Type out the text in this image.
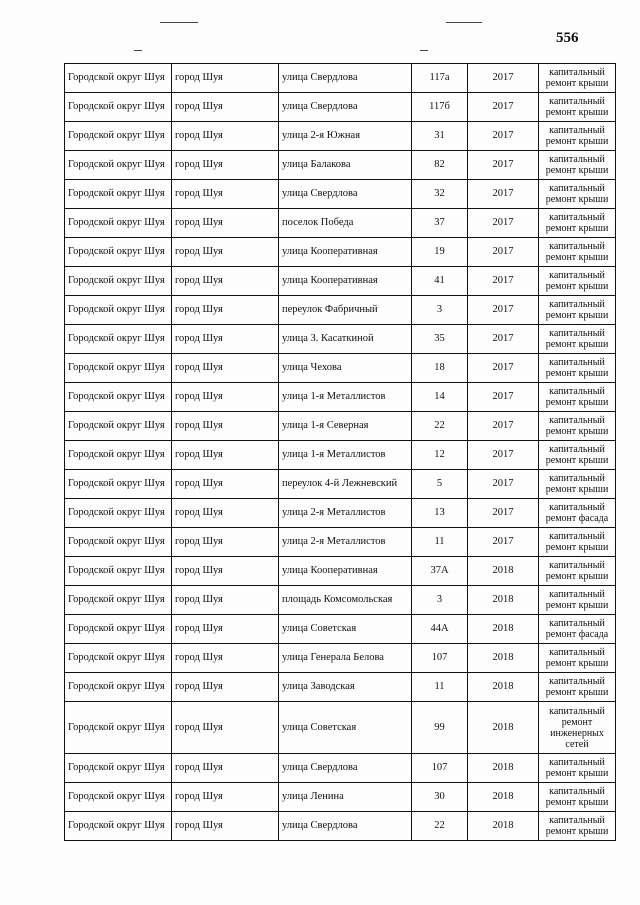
556
Городской округ Шуя	город Шуя	улица Свердлова	117а	2017	капитальный ремонт крыши
Городской округ Шуя	город Шуя	улица Свердлова	117б	2017	капитальный ремонт крыши
Городской округ Шуя	город Шуя	улица 2-я Южная	31	2017	капитальный ремонт крыши
Городской округ Шуя	город Шуя	улица Балакова	82	2017	капитальный ремонт крыши
Городской округ Шуя	город Шуя	улица Свердлова	32	2017	капитальный ремонт крыши
Городской округ Шуя	город Шуя	поселок Победа	37	2017	капитальный ремонт крыши
Городской округ Шуя	город Шуя	улица Кооперативная	19	2017	капитальный ремонт крыши
Городской округ Шуя	город Шуя	улица Кооперативная	41	2017	капитальный ремонт крыши
Городской округ Шуя	город Шуя	переулок Фабричный	3	2017	капитальный ремонт крыши
Городской округ Шуя	город Шуя	улица З. Касаткиной	35	2017	капитальный ремонт крыши
Городской округ Шуя	город Шуя	улица Чехова	18	2017	капитальный ремонт крыши
Городской округ Шуя	город Шуя	улица 1-я Металлистов	14	2017	капитальный ремонт крыши
Городской округ Шуя	город Шуя	улица 1-я Северная	22	2017	капитальный ремонт крыши
Городской округ Шуя	город Шуя	улица 1-я Металлистов	12	2017	капитальный ремонт крыши
Городской округ Шуя	город Шуя	переулок 4-й Лежневский	5	2017	капитальный ремонт крыши
Городской округ Шуя	город Шуя	улица 2-я Металлистов	13	2017	капитальный ремонт фасада
Городской округ Шуя	город Шуя	улица 2-я Металлистов	11	2017	капитальный ремонт крыши
Городской округ Шуя	город Шуя	улица Кооперативная	37А	2018	капитальный ремонт крыши
Городской округ Шуя	город Шуя	площадь Комсомольская	3	2018	капитальный ремонт крыши
Городской округ Шуя	город Шуя	улица Советская	44А	2018	капитальный ремонт фасада
Городской округ Шуя	город Шуя	улица Генерала Белова	107	2018	капитальный ремонт крыши
Городской округ Шуя	город Шуя	улица Заводская	11	2018	капитальный ремонт крыши
Городской округ Шуя	город Шуя	улица Советская	99	2018	капитальный ремонт инженерных сетей
Городской округ Шуя	город Шуя	улица Свердлова	107	2018	капитальный ремонт крыши
Городской округ Шуя	город Шуя	улица Ленина	30	2018	капитальный ремонт крыши
Городской округ Шуя	город Шуя	улица Свердлова	22	2018	капитальный ремонт крыши
